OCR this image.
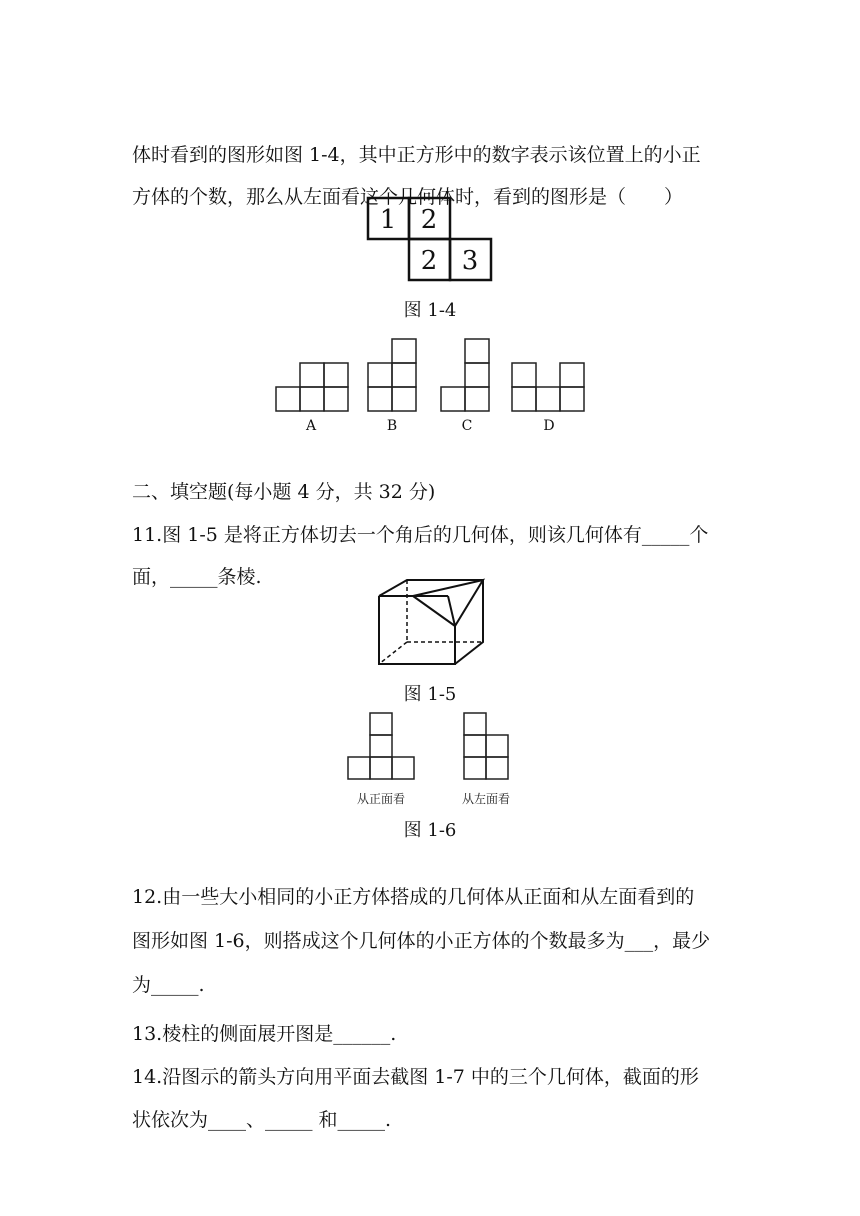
体时看到的图形如图 1-4，其中正方形中的数字表示该位置上的小正

方体的个数，那么从左面看这个几何体时，看到的图形是（　　）

1 2
2 3
图 1-4
A	B	C	D

二、填空题(每小题 4 分，共 32 分)

11.图 1-5 是将正方体切去一个角后的几何体，则该几何体有_____个

面，_____条棱.

图 1-5
从正面看	从左面看
图 1-6

12.由一些大小相同的小正方体搭成的几何体从正面和从左面看到的

图形如图 1-6，则搭成这个几何体的小正方体的个数最多为___，最少

为_____.

13.棱柱的侧面展开图是______.

14.沿图示的箭头方向用平面去截图 1-7 中的三个几何体，截面的形

状依次为____、_____ 和_____.
